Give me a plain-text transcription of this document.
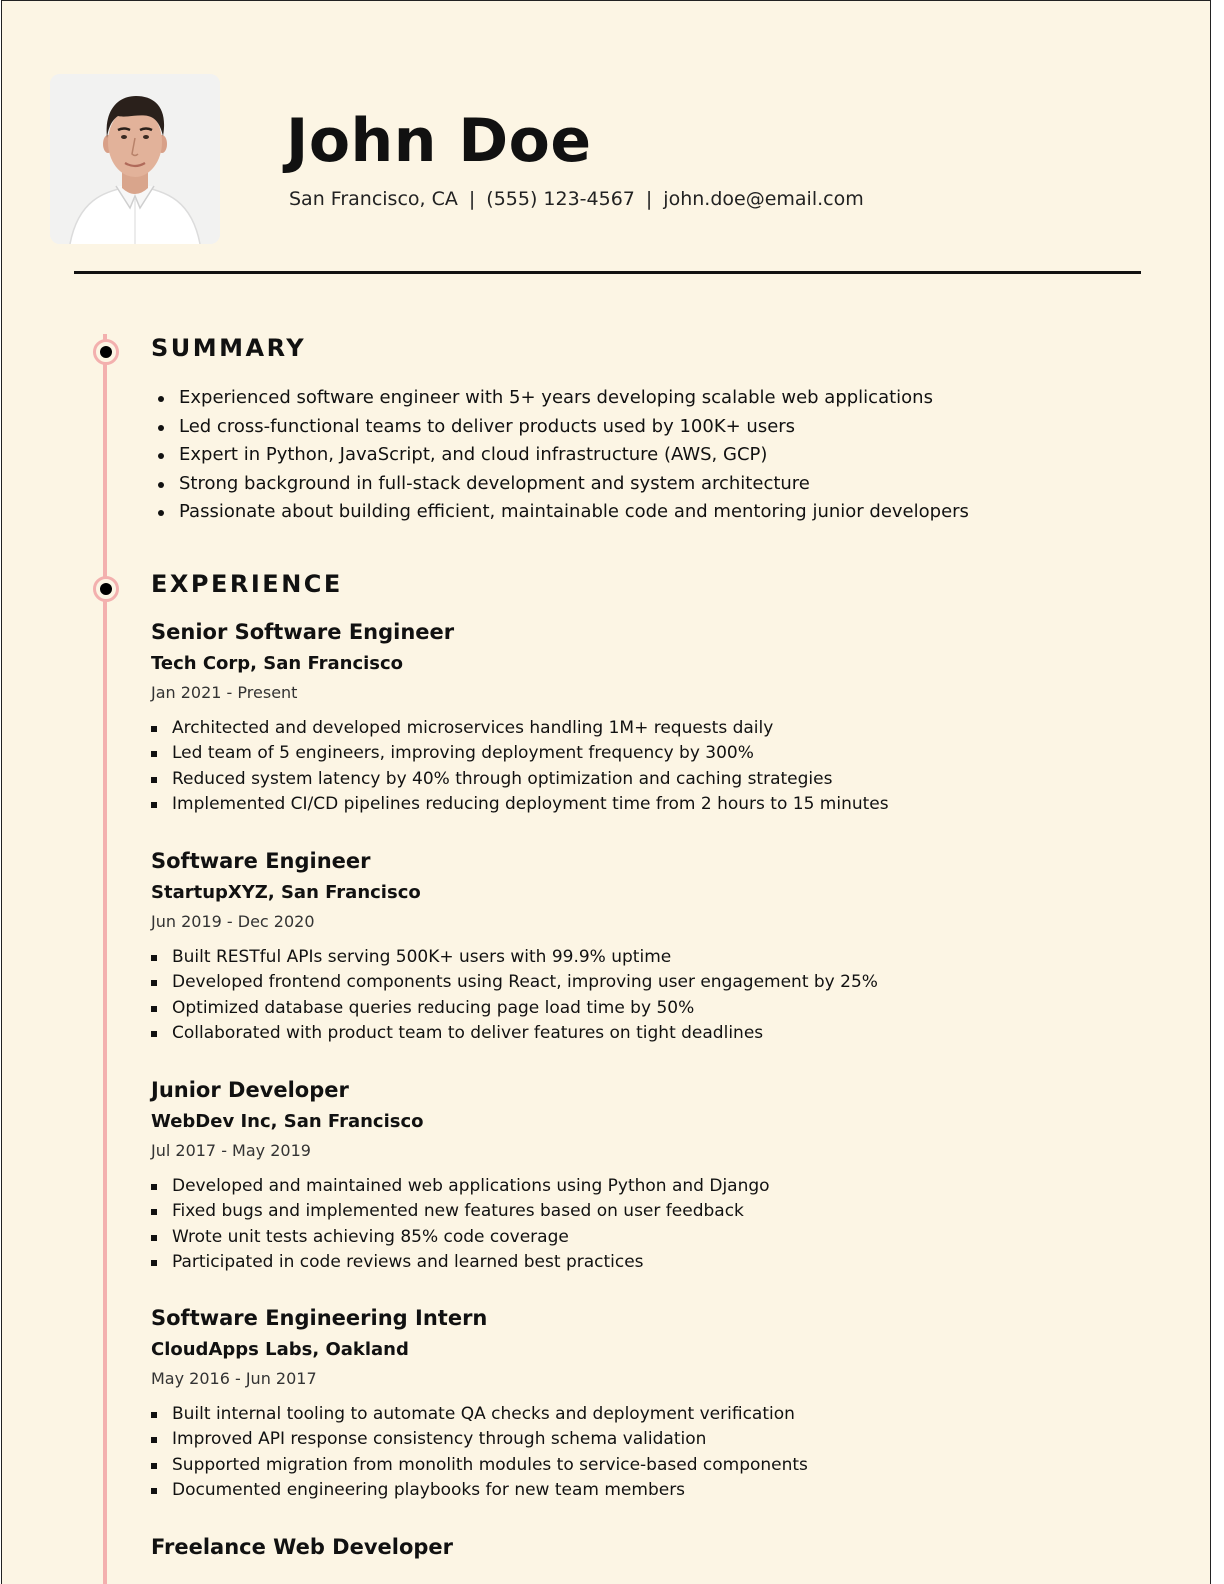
John Doe
San Francisco, CA | (555) 123-4567 | john.doe@email.com
SUMMARY
Experienced software engineer with 5+ years developing scalable web applications
Led cross-functional teams to deliver products used by 100K+ users
Expert in Python, JavaScript, and cloud infrastructure (AWS, GCP)
Strong background in full-stack development and system architecture
Passionate about building efficient, maintainable code and mentoring junior developers
EXPERIENCE
Senior Software Engineer
Tech Corp, San Francisco
Jan 2021 - Present
Architected and developed microservices handling 1M+ requests daily
Led team of 5 engineers, improving deployment frequency by 300%
Reduced system latency by 40% through optimization and caching strategies
Implemented CI/CD pipelines reducing deployment time from 2 hours to 15 minutes
Software Engineer
StartupXYZ, San Francisco
Jun 2019 - Dec 2020
Built RESTful APIs serving 500K+ users with 99.9% uptime
Developed frontend components using React, improving user engagement by 25%
Optimized database queries reducing page load time by 50%
Collaborated with product team to deliver features on tight deadlines
Junior Developer
WebDev Inc, San Francisco
Jul 2017 - May 2019
Developed and maintained web applications using Python and Django
Fixed bugs and implemented new features based on user feedback
Wrote unit tests achieving 85% code coverage
Participated in code reviews and learned best practices
Software Engineering Intern
CloudApps Labs, Oakland
May 2016 - Jun 2017
Built internal tooling to automate QA checks and deployment verification
Improved API response consistency through schema validation
Supported migration from monolith modules to service-based components
Documented engineering playbooks for new team members
Freelance Web Developer
